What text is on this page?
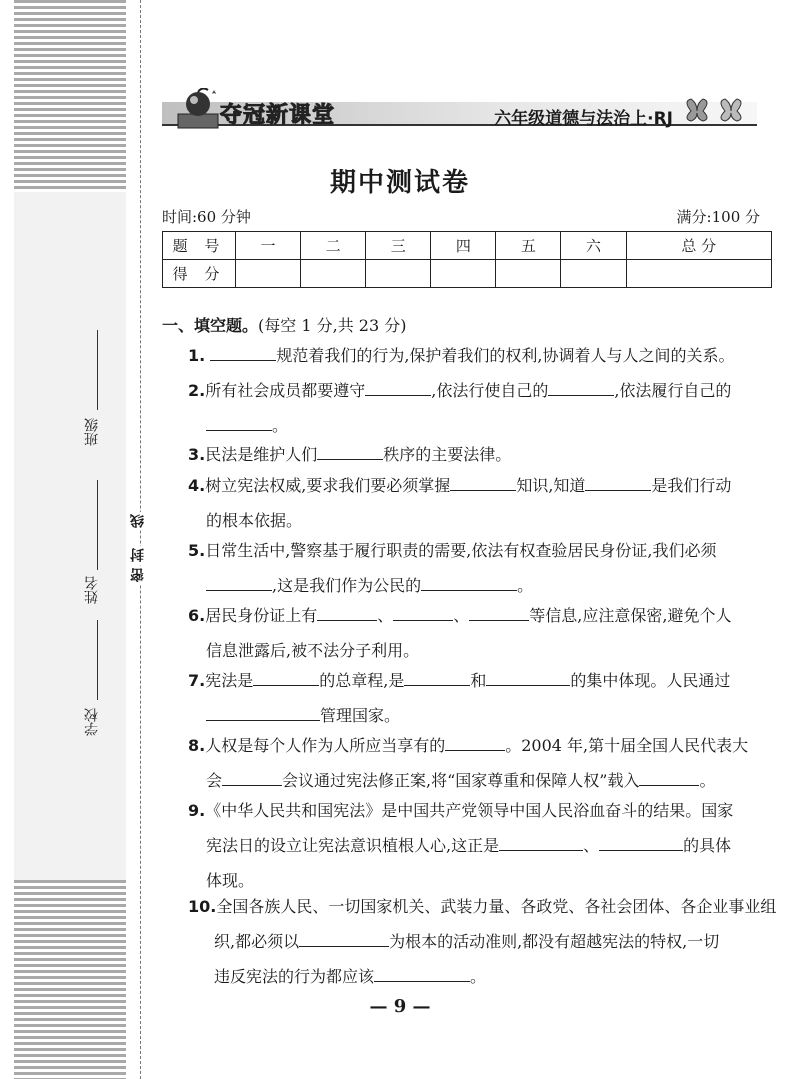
班级
姓名
学校
线
封
密
夺冠新课堂	六年级道德与法治上·RJ
期中测试卷
时间:60 分钟	满分:100 分
题 号	一	二	三	四	五	六	总 分
得 分							
一、填空题。(每空 1 分,共 23 分)
1.	规范着我们的行为,保护着我们的权利,协调着人与人之间的关系。
2.所有社会成员都要遵守	,依法行使自己的	,依法履行自己的
。
3.民法是维护人们	秩序的主要法律。
4.树立宪法权威,要求我们要必须掌握	知识,知道	是我们行动
的根本依据。
5.日常生活中,警察基于履行职责的需要,依法有权查验居民身份证,我们必须
,这是我们作为公民的	。
6.居民身份证上有	、	、	等信息,应注意保密,避免个人
信息泄露后,被不法分子利用。
7.宪法是	的总章程,是	和	的集中体现。人民通过
管理国家。
8.人权是每个人作为人所应当享有的	。2004 年,第十届全国人民代表大
会	会议通过宪法修正案,将“国家尊重和保障人权”载入	。
9.《中华人民共和国宪法》是中国共产党领导中国人民浴血奋斗的结果。国家
宪法日的设立让宪法意识植根人心,这正是	、	的具体
体现。
10.全国各族人民、一切国家机关、武装力量、各政党、各社会团体、各企业事业组
织,都必须以	为根本的活动准则,都没有超越宪法的特权,一切
违反宪法的行为都应该	。
— 9 —
